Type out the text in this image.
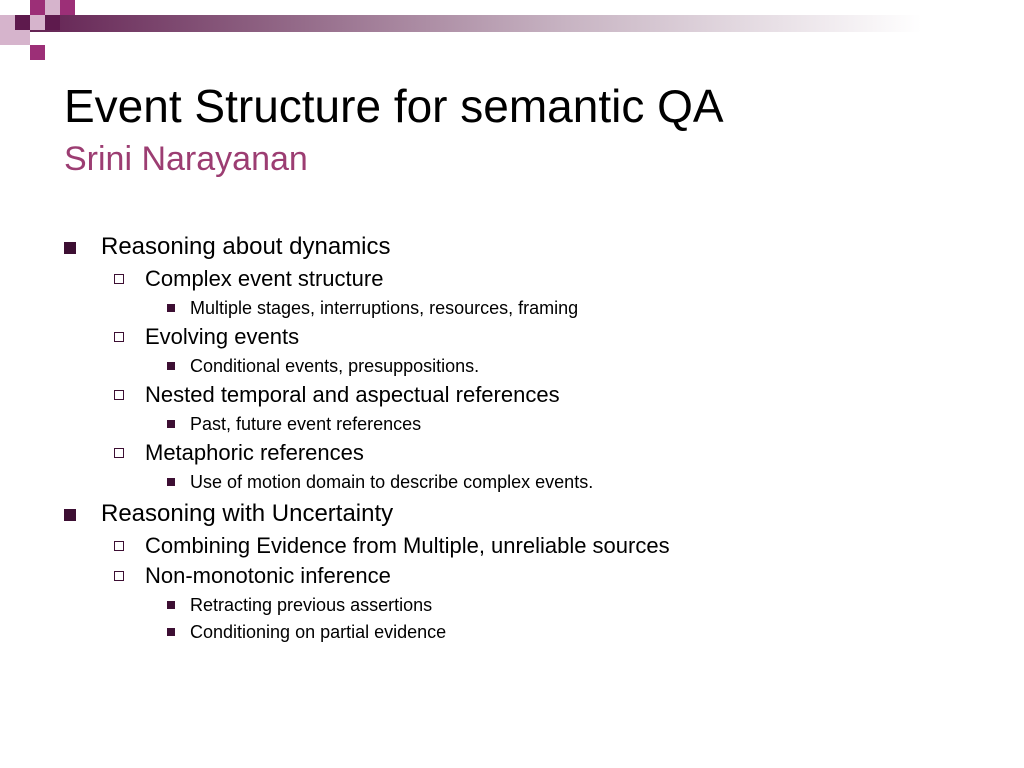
Event Structure for semantic QA
Srini Narayanan
Reasoning about dynamics
Complex event structure
Multiple stages, interruptions, resources, framing
Evolving events
Conditional events, presuppositions.
Nested temporal and aspectual references
Past, future event references
Metaphoric references
Use of motion domain to describe complex events.
Reasoning with Uncertainty
Combining Evidence from Multiple, unreliable sources
Non-monotonic inference
Retracting previous assertions
Conditioning on partial evidence
